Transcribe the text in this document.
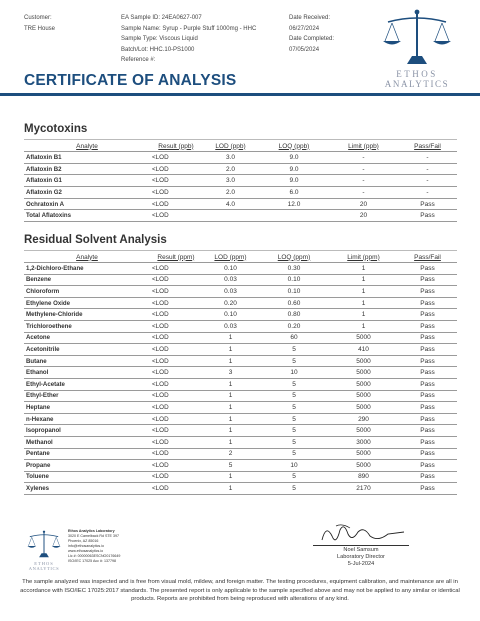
Customer:
TRE House
EA Sample ID: 24EA0627-007
Sample Name: Syrup - Purple Stuff 1000mg - HHC
Sample Type: Viscous Liquid
Batch/Lot: HHC.10-PS1000
Reference #:
Date Received:
06/27/2024
Date Completed:
07/05/2024
ETHOS
ANALYTICS
CERTIFICATE OF ANALYSIS
Mycotoxins
Analyte	Result (ppb)	LOD (ppb)	LOQ (ppb)	Limit (ppb)	Pass/Fail
Aflatoxin B1	<LOD	3.0	9.0	-	-
Aflatoxin B2	<LOD	2.0	9.0	-	-
Aflatoxin G1	<LOD	3.0	9.0	-	-
Aflatoxin G2	<LOD	2.0	6.0	-	-
Ochratoxin A	<LOD	4.0	12.0	20	Pass
Total Aflatoxins	<LOD			20	Pass
Residual Solvent Analysis
Analyte	Result (ppm)	LOD (ppm)	LOQ (ppm)	Limit (ppm)	Pass/Fail
1,2-Dichloro-Ethane	<LOD	0.10	0.30	1	Pass
Benzene	<LOD	0.03	0.10	1	Pass
Chloroform	<LOD	0.03	0.10	1	Pass
Ethylene Oxide	<LOD	0.20	0.60	1	Pass
Methylene-Chloride	<LOD	0.10	0.80	1	Pass
Trichloroethene	<LOD	0.03	0.20	1	Pass
Acetone	<LOD	1	60	5000	Pass
Acetonitrile	<LOD	1	5	410	Pass
Butane	<LOD	1	5	5000	Pass
Ethanol	<LOD	3	10	5000	Pass
Ethyl-Acetate	<LOD	1	5	5000	Pass
Ethyl-Ether	<LOD	1	5	5000	Pass
Heptane	<LOD	1	5	5000	Pass
n-Hexane	<LOD	1	5	290	Pass
Isopropanol	<LOD	1	5	5000	Pass
Methanol	<LOD	1	5	3000	Pass
Pentane	<LOD	2	5	5000	Pass
Propane	<LOD	5	10	5000	Pass
Toluene	<LOD	1	5	890	Pass
Xylenes	<LOD	1	5	2170	Pass
ETHOS
ANALYTICS
Ethos Analytics Laboratory
3020 E Camelback Rd STE 397
Phoenix, AZ 85016
info@ethosanalytics.io
www.ethosanalytics.io
Lic #: 00000063ESCNO0176649
ISO/IEC 17025 Acc #: 137798
Noel Samsum
Laboratory Director
5-Jul-2024
The sample analyzed was inspected and is free from visual mold, mildew, and foreign matter. The testing procedures, equipment calibration, and maintenance are all in accordance with ISO/IEC 17025:2017 standards. The presented report is only applicable to the sample specified above and may not be applied to any similar or identical products. Reports are prohibited from being reproduced with alterations of any kind.
